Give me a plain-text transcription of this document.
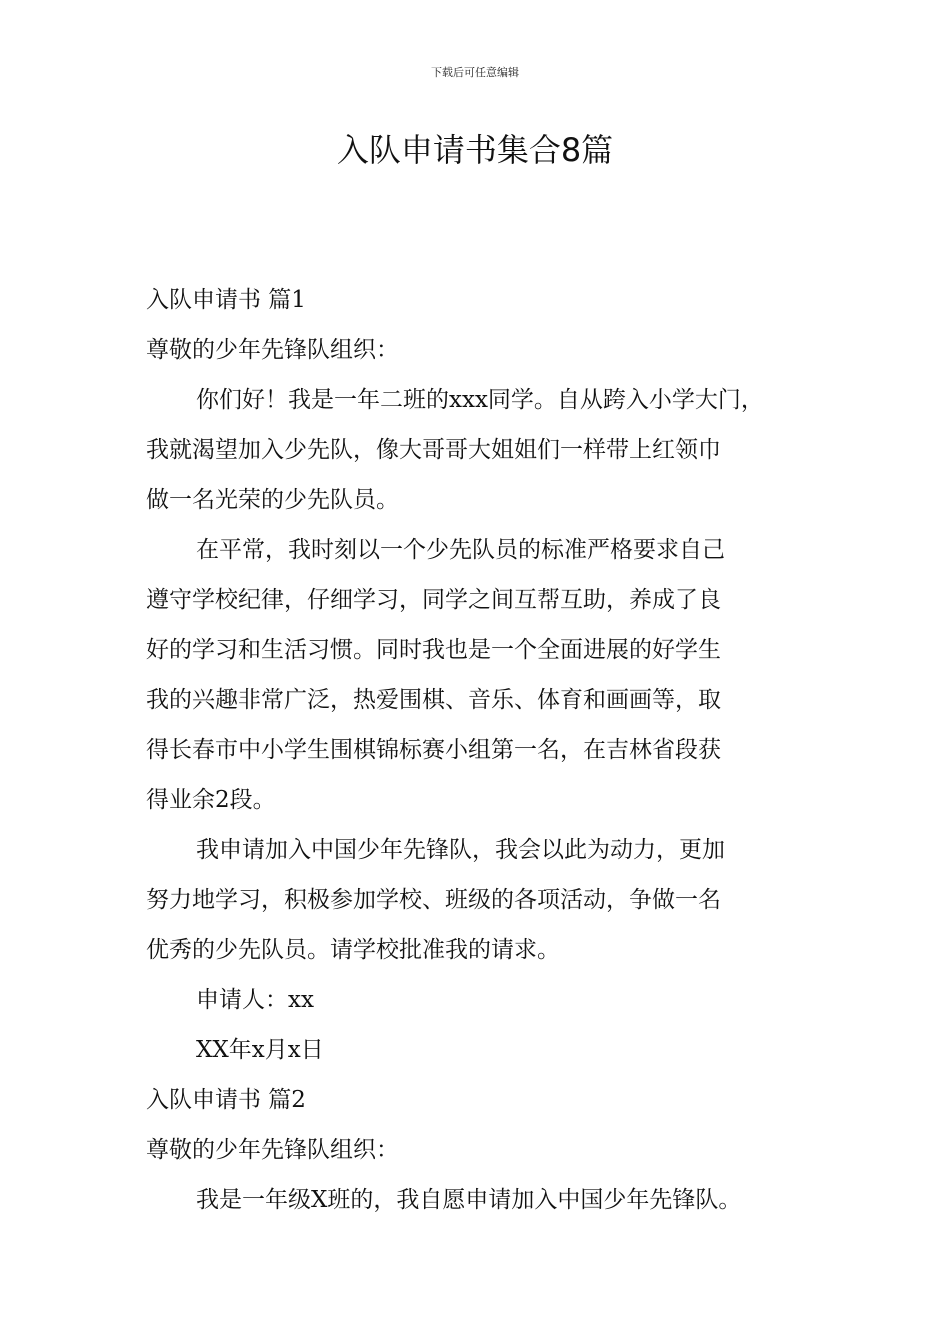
下载后可任意编辑
入队申请书集合8篇
入队申请书 篇1
尊敬的少年先锋队组织：
你们好！我是一年二班的xxx同学。自从跨入小学大门，
我就渴望加入少先队，像大哥哥大姐姐们一样带上红领巾
做一名光荣的少先队员。
在平常，我时刻以一个少先队员的标准严格要求自己
遵守学校纪律，仔细学习，同学之间互帮互助，养成了良
好的学习和生活习惯。同时我也是一个全面进展的好学生
我的兴趣非常广泛，热爱围棋、音乐、体育和画画等，取
得长春市中小学生围棋锦标赛小组第一名，在吉林省段获
得业余2段。
我申请加入中国少年先锋队，我会以此为动力，更加
努力地学习，积极参加学校、班级的各项活动，争做一名
优秀的少先队员。请学校批准我的请求。
申请人：xx
XX年x月x日
入队申请书 篇2
尊敬的少年先锋队组织：
我是一年级X班的，我自愿申请加入中国少年先锋队。
